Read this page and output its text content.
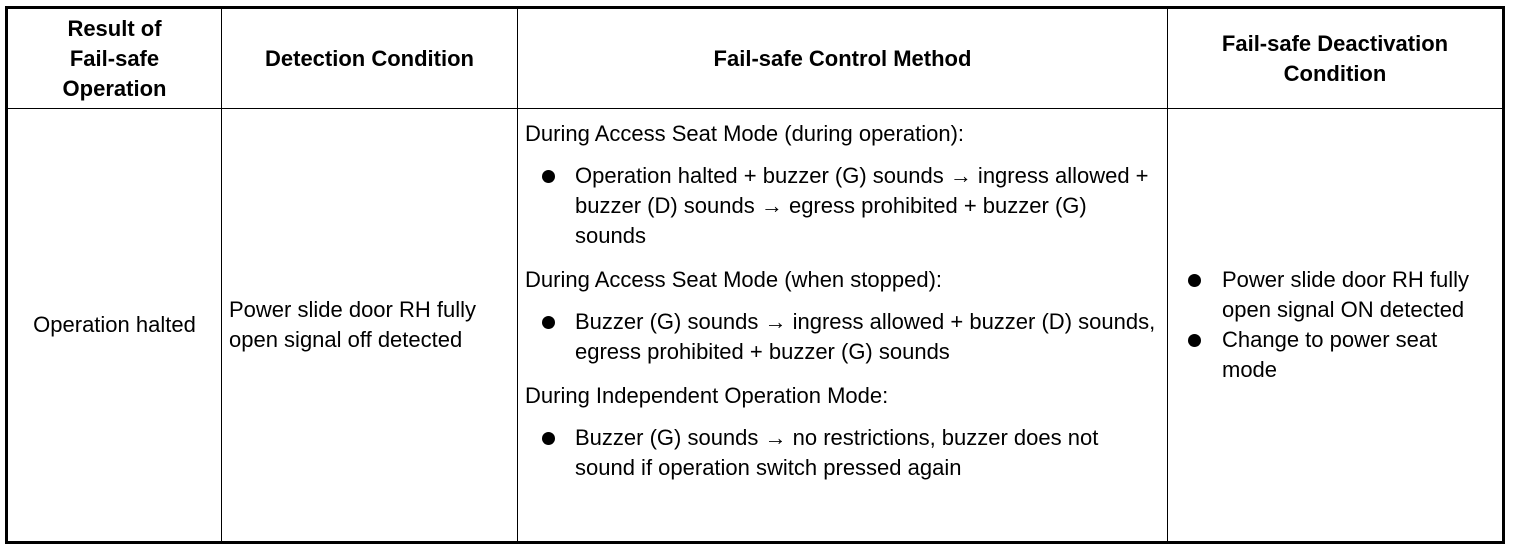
Result of
Fail-safe
Operation
Detection Condition	Fail-safe Control Method
Fail-safe Deactivation
Condition
Operation halted
Power slide door RH fully open signal off detected
During Access Seat Mode (during operation):
Operation halted + buzzer (G) sounds → ingress allowed + buzzer (D) sounds → egress prohibited + buzzer (G) sounds
During Access Seat Mode (when stopped):
Buzzer (G) sounds → ingress allowed + buzzer (D) sounds, egress prohibited + buzzer (G) sounds
During Independent Operation Mode:
Buzzer (G) sounds → no restrictions, buzzer does not sound if operation switch pressed again
Power slide door RH fully open signal ON detected
Change to power seat mode
